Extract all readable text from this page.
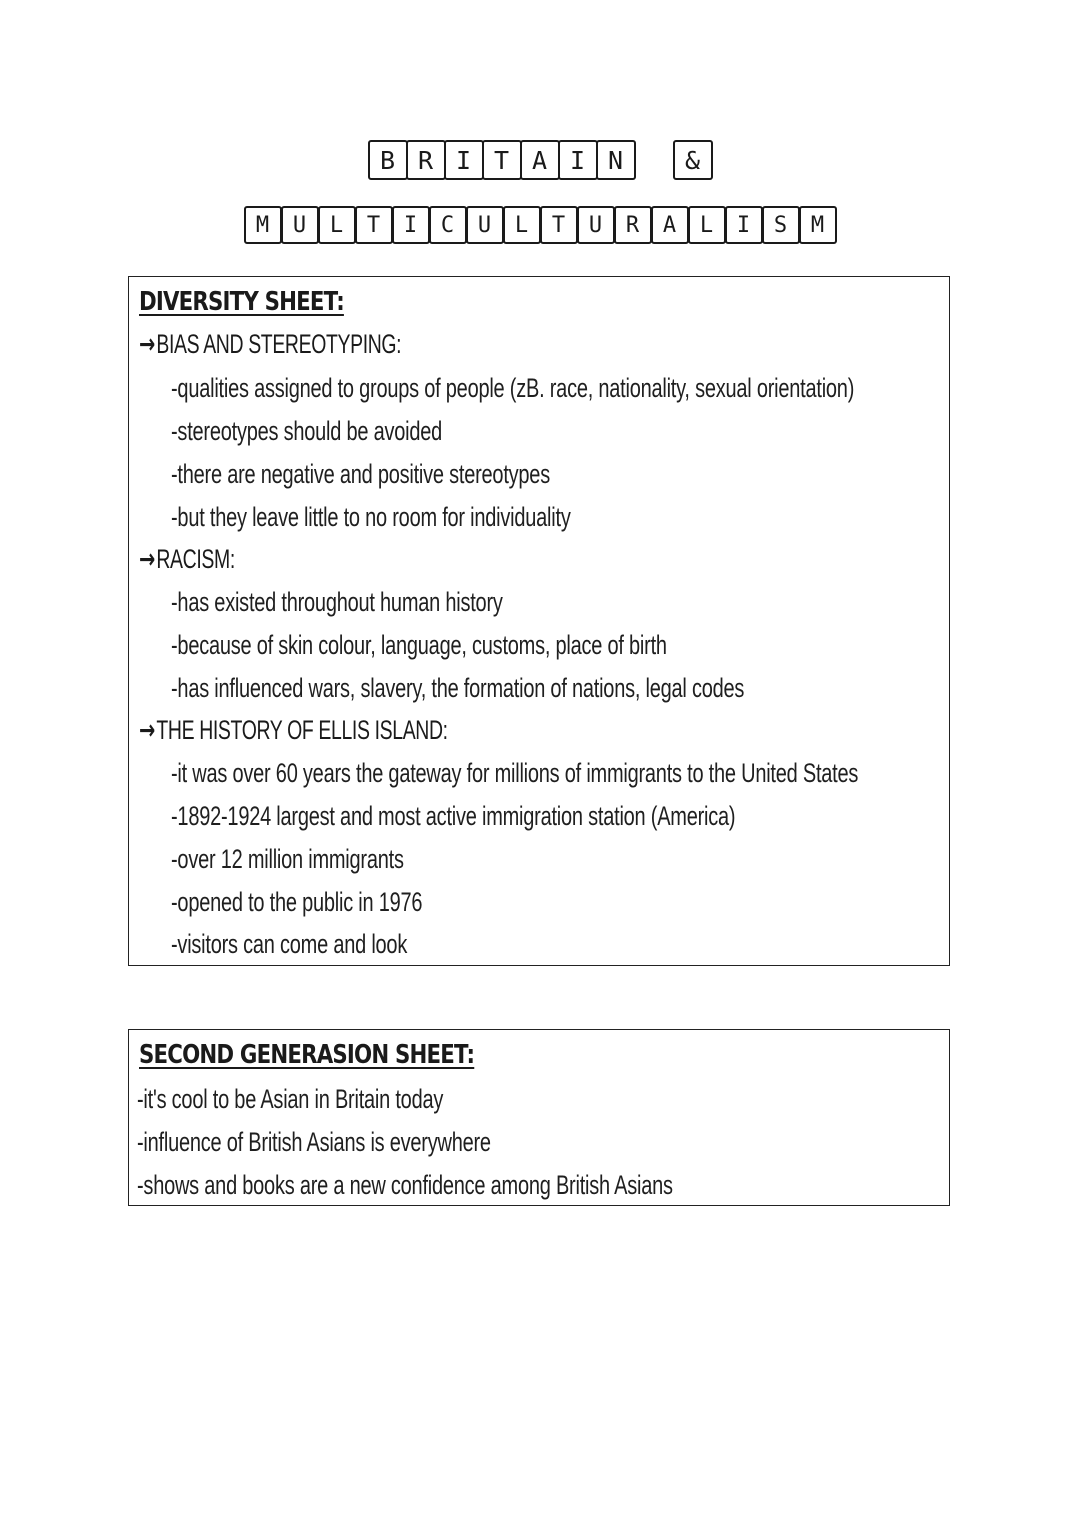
B R I T A I N	&
M	U	L	T	I	C	U	L	T	U	R	A	L	I	S	M
DIVERSITY SHEET:
→BIAS AND STEREOTYPING:
-qualities assigned to groups of people (zB. race, nationality, sexual orientation)
-stereotypes should be avoided
-there are negative and positive stereotypes
-but they leave little to no room for individuality
→RACISM:
-has existed throughout human history
-because of skin colour, language, customs, place of birth
-has influenced wars, slavery, the formation of nations, legal codes
→THE HISTORY OF ELLIS ISLAND:
-it was over 60 years the gateway for millions of immigrants to the United States
-1892-1924 largest and most active immigration station (America)
-over 12 million immigrants
-opened to the public in 1976
-visitors can come and look
SECOND GENERASION SHEET:
-it's cool to be Asian in Britain today
-influence of British Asians is everywhere
-shows and books are a new confidence among British Asians
